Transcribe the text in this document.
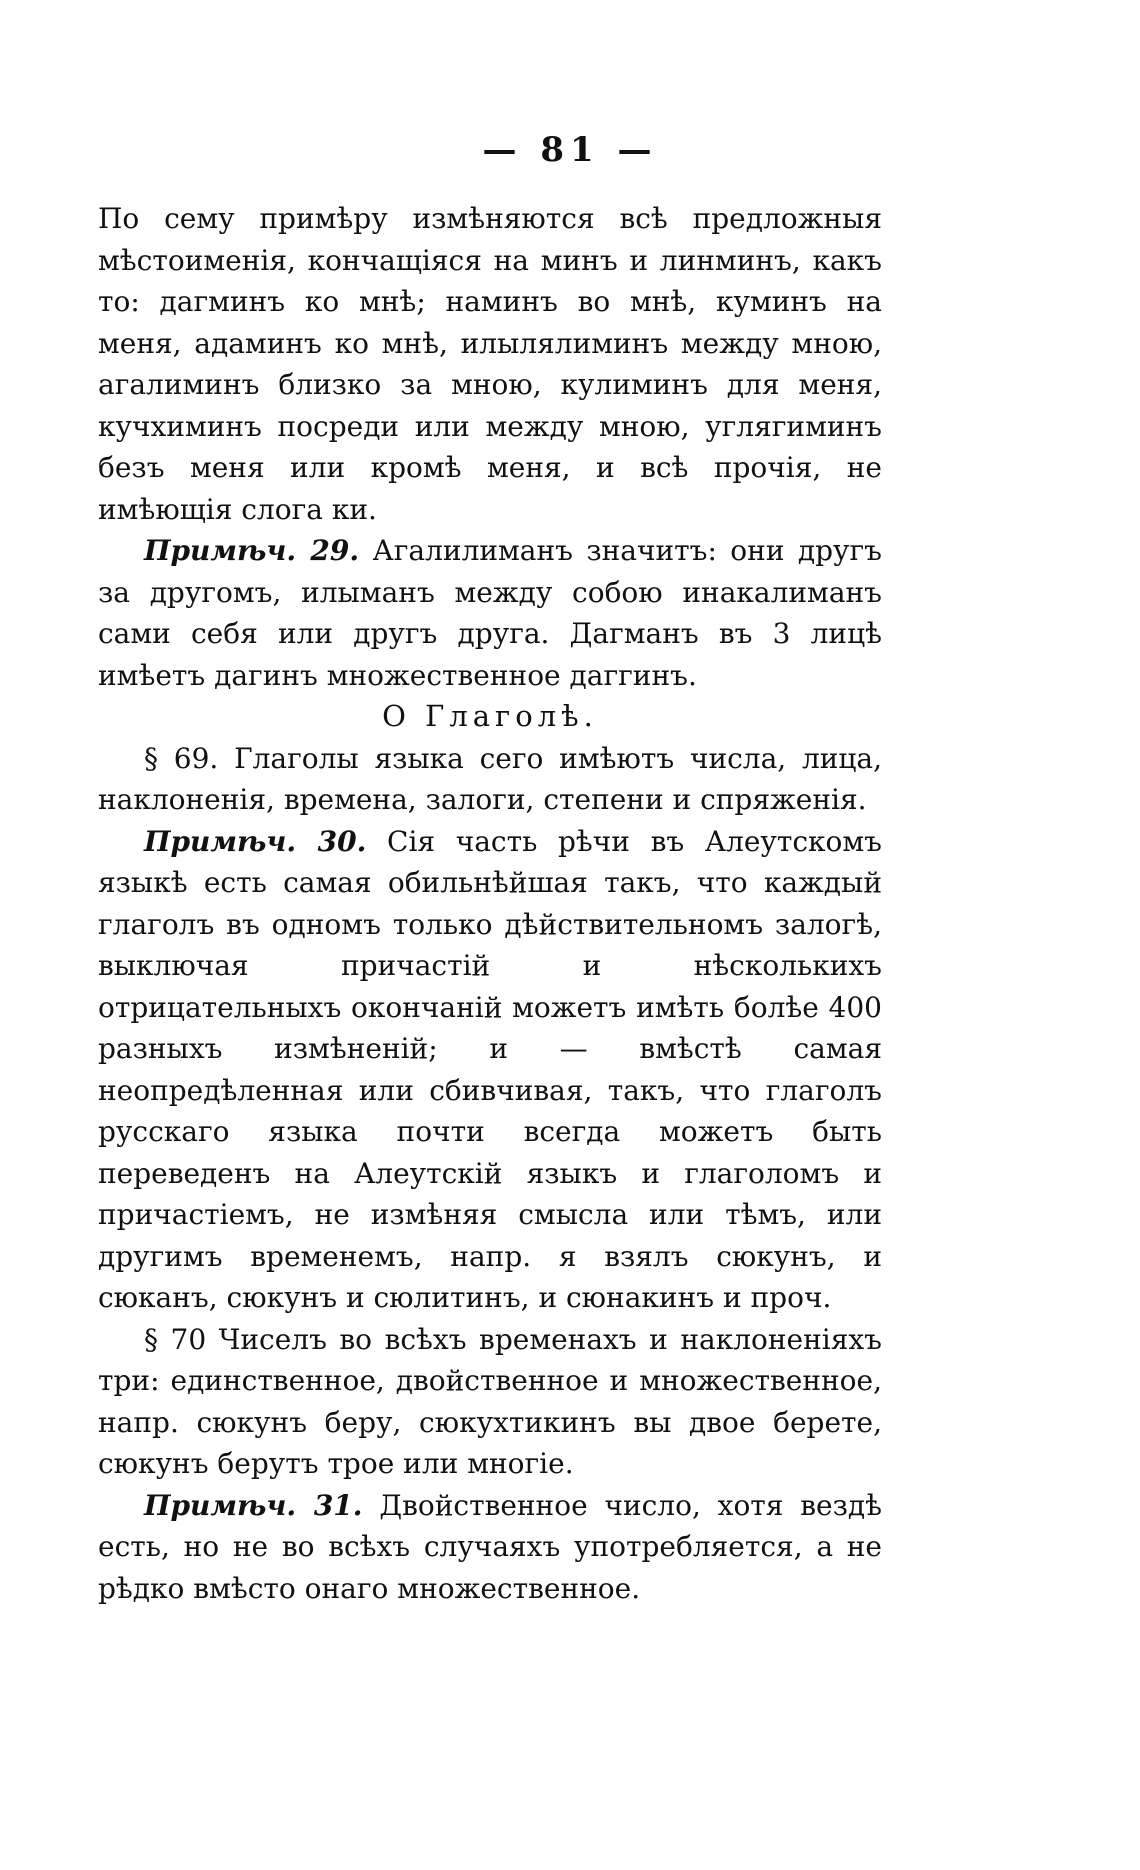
— 81 —

По сему примѣру измѣняются всѣ предложныя мѣстоименія, кончащіяся на минъ и линминъ, какъ то: дагминъ ко мнѣ; наминъ во мнѣ, куминъ на меня, адаминъ ко мнѣ, илылялиминъ между мною, агалиминъ близко за мною, кулиминъ для меня, кучхиминъ посреди или между мною, углягиминъ безъ меня или кромѣ меня, и всѣ прочія, не имѣющія слога ки.

Примѣч. 29. Агалилиманъ значитъ: они другъ за другомъ, илыманъ между собою инакалиманъ сами себя или другъ друга. Дагманъ въ 3 лицѣ имѣетъ дагинъ множественное даггинъ.

О Глаголѣ.

§ 69. Глаголы языка сего имѣютъ числа, лица, наклоненія, времена, залоги, степени и спряженія.

Примѣч. 30. Сія часть рѣчи въ Алеутскомъ языкѣ есть самая обильнѣйшая такъ, что каждый глаголъ въ одномъ только дѣйствительномъ залогѣ, выключая причастій и нѣсколькихъ отрицательныхъ окончаній можетъ имѣть болѣе 400 разныхъ измѣненій; и — вмѣстѣ самая неопредѣленная или сбивчивая, такъ, что глаголъ русскаго языка почти всегда можетъ быть переведенъ на Алеутскій языкъ и глаголомъ и причастіемъ, не измѣняя смысла или тѣмъ, или другимъ временемъ, напр. я взялъ сюкунъ, и сюканъ, сюкунъ и сюлитинъ, и сюнакинъ и проч.

§ 70 Чиселъ во всѣхъ временахъ и наклоненіяхъ три: единственное, двойственное и множественное, напр. сюкунъ беру, сюкухтикинъ вы двое берете, сюкунъ берутъ трое или многіе.

Примѣч. 31. Двойственное число, хотя вездѣ есть, но не во всѣхъ случаяхъ употребляется, а не рѣдко вмѣсто онаго множественное.
